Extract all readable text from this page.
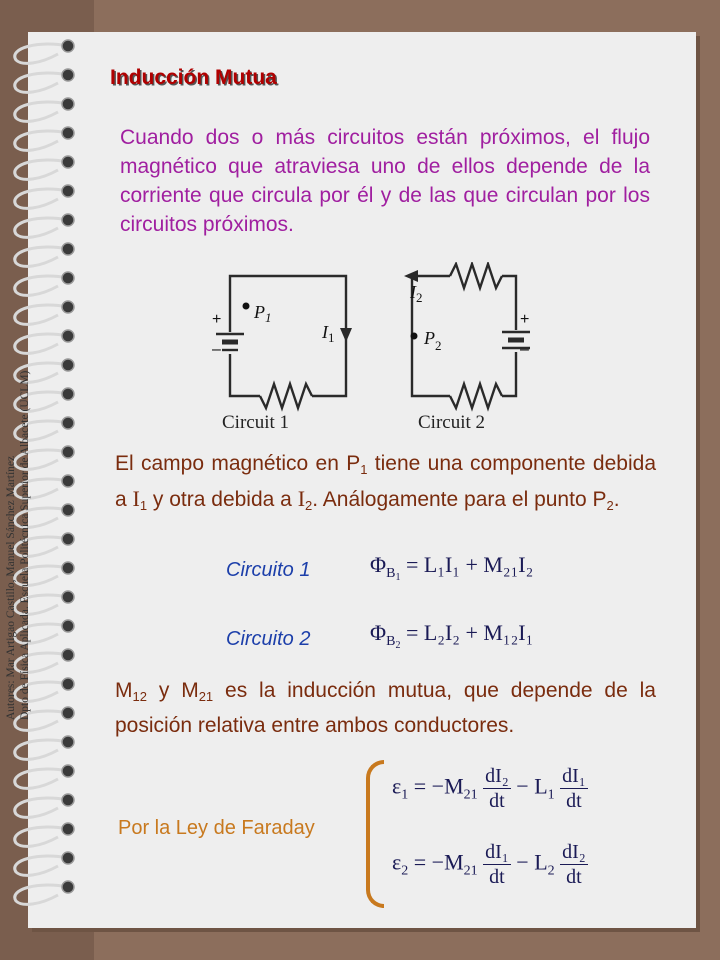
Autores: Mar Artigao Castillo, Manuel Sánchez Martínez Dpto de Física Aplicada. Escuela Politécnica Superior de Albacete (UCLM)
Inducción Mutua
Cuando dos o más circuitos están próximos, el flujo magnético que atraviesa uno de ellos depende de la corriente que circula por él y de las que circulan por los circuitos próximos.
$P_1$
$P_2$
$I_1$
$I_2$
+
–
+
–
Circuit 1	Circuit 2
El campo magnético en $P_1$ tiene una componente debida a $I_1$ y otra debida a $I_2$. Análogamente para el punto $P_2$.
Circuito 1	$\Phi_{B1} = L_1I_1 + M_{21}I_2$
Circuito 2	$\Phi_{B2} = L_2I_2 + M_{12}I_1$
$M_{12}$ y $M_{21}$ es la inducción mutua, que depende de la posición relativa entre ambos conductores.
Por la Ley de Faraday
$\varepsilon_1 = -M_{21} \frac{\text{dI₂}}{dt} - L_1 \frac{\text{dI₁}}{dt}$
$\varepsilon_2 = -M_{21} \frac{\text{dI₁}}{dt} - L_2 \frac{\text{dI₂}}{dt}$
